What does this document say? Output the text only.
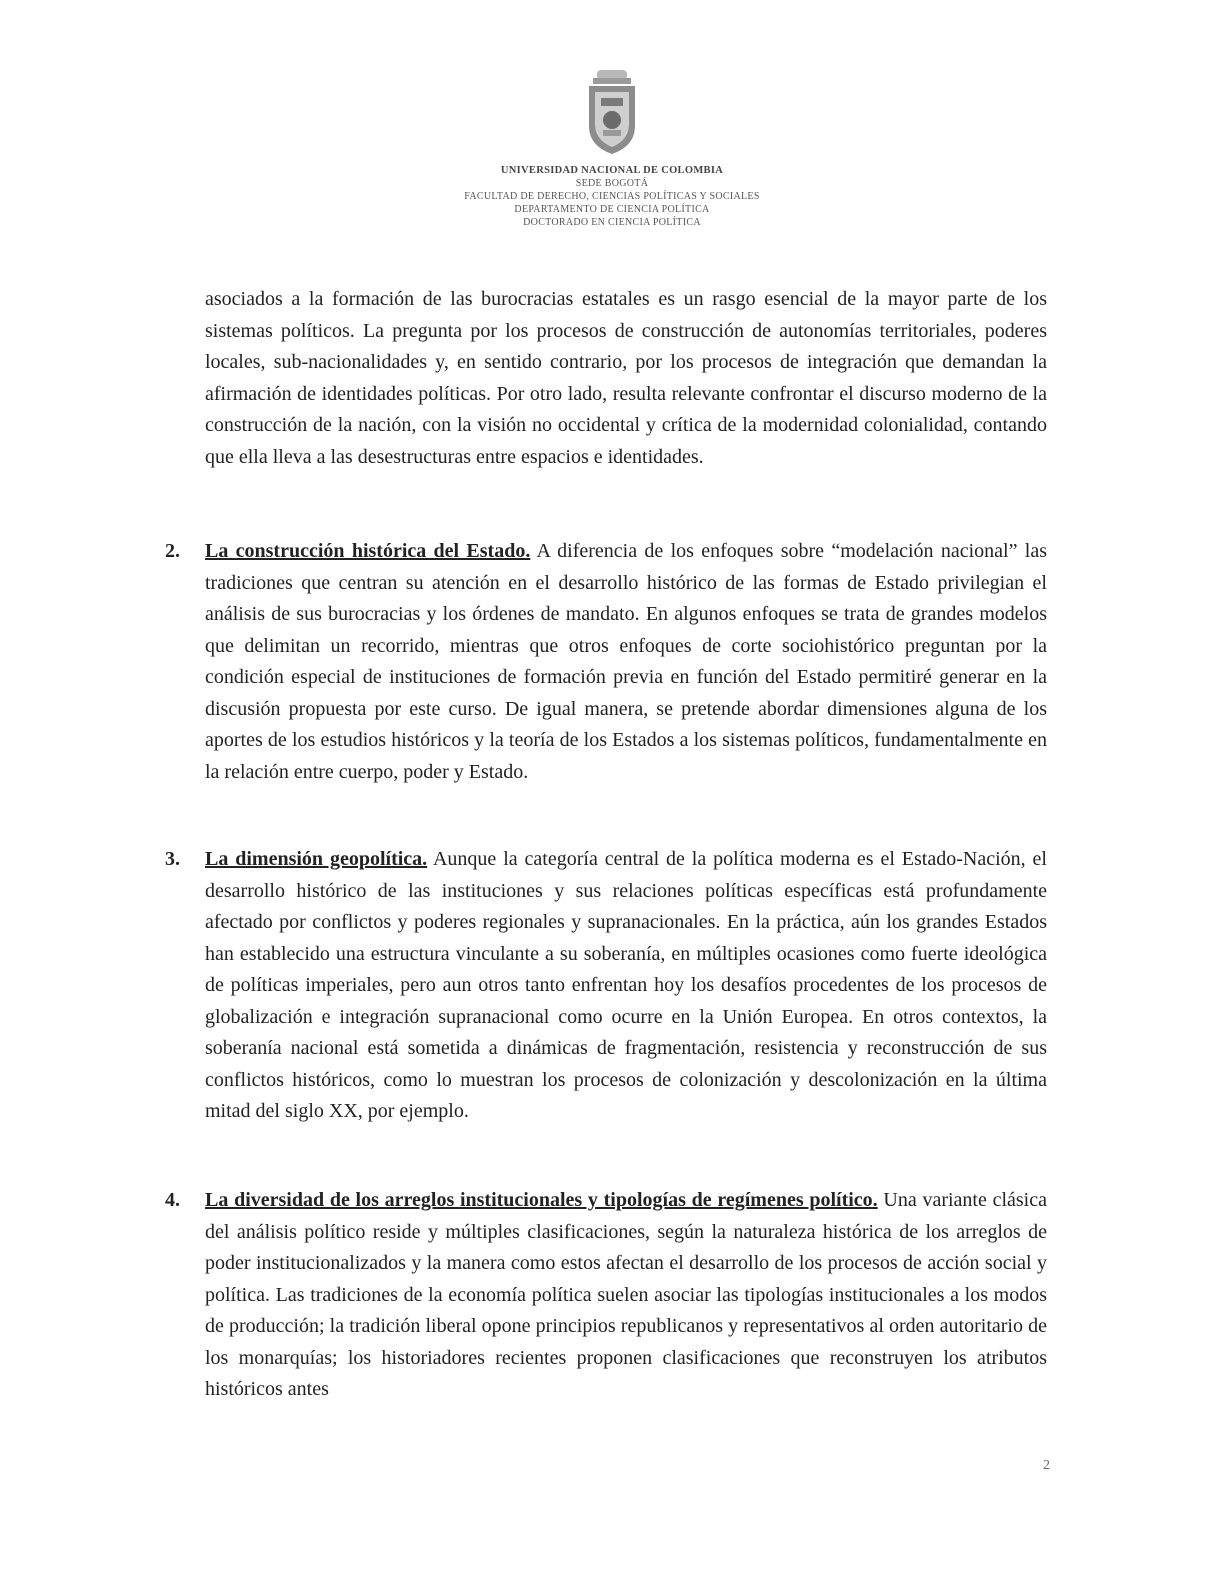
UNIVERSIDAD NACIONAL DE COLOMBIA
SEDE BOGOTÁ
FACULTAD DE DERECHO, CIENCIAS POLÍTICAS Y SOCIALES
DEPARTAMENTO DE CIENCIA POLÍTICA
DOCTORADO EN CIENCIA POLÍTICA

asociados a la formación de las burocracias estatales es un rasgo esencial de la mayor parte de los sistemas políticos. La pregunta por los procesos de construcción de autonomías territoriales, poderes locales, sub-nacionalidades y, en sentido contrario, por los procesos de integración que demandan la afirmación de identidades políticas. Por otro lado, resulta relevante confrontar el discurso moderno de la construcción de la nación, con la visión no occidental y crítica de la modernidad colonialidad, contando que ella lleva a las desestructuras entre espacios e identidades.

2.	La construcción histórica del Estado. A diferencia de los enfoques sobre “modelación nacional” las tradiciones que centran su atención en el desarrollo histórico de las formas de Estado privilegian el análisis de sus burocracias y los órdenes de mandato. En algunos enfoques se trata de grandes modelos que delimitan un recorrido, mientras que otros enfoques de corte sociohistórico preguntan por la condición especial de instituciones de formación previa en función del Estado permitiré generar en la discusión propuesta por este curso. De igual manera, se pretende abordar dimensiones alguna de los aportes de los estudios históricos y la teoría de los Estados a los sistemas políticos, fundamentalmente en la relación entre cuerpo, poder y Estado.

3.	La dimensión geopolítica. Aunque la categoría central de la política moderna es el Estado-Nación, el desarrollo histórico de las instituciones y sus relaciones políticas específicas está profundamente afectado por conflictos y poderes regionales y supranacionales. En la práctica, aún los grandes Estados han establecido una estructura vinculante a su soberanía, en múltiples ocasiones como fuerte ideológica de políticas imperiales, pero aun otros tanto enfrentan hoy los desafíos procedentes de los procesos de globalización e integración supranacional como ocurre en la Unión Europea. En otros contextos, la soberanía nacional está sometida a dinámicas de fragmentación, resistencia y reconstrucción de sus conflictos históricos, como lo muestran los procesos de colonización y descolonización en la última mitad del siglo XX, por ejemplo.

4.	La diversidad de los arreglos institucionales y tipologías de regímenes político. Una variante clásica del análisis político reside y múltiples clasificaciones, según la naturaleza histórica de los arreglos de poder institucionalizados y la manera como estos afectan el desarrollo de los procesos de acción social y política. Las tradiciones de la economía política suelen asociar las tipologías institucionales a los modos de producción; la tradición liberal opone principios republicanos y representativos al orden autoritario de los monarquías; los historiadores recientes proponen clasificaciones que reconstruyen los atributos históricos antes

2
